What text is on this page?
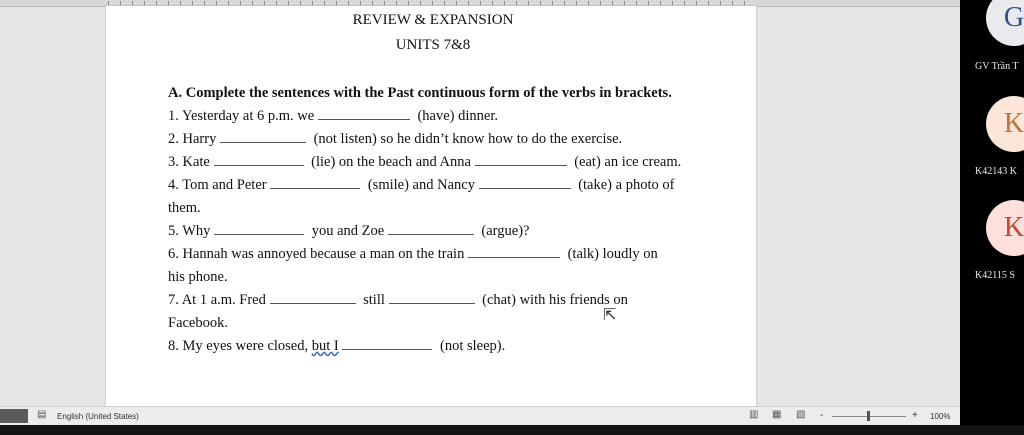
REVIEW & EXPANSION
UNITS 7&8
A. Complete the sentences with the Past continuous form of the verbs in brackets.
1. Yesterday at 6 p.m. we	(have) dinner.
2. Harry	(not listen) so he didn’t know how to do the exercise.
3. Kate	(lie) on the beach and Anna	(eat) an ice cream.
4. Tom and Peter	(smile) and Nancy	(take) a photo of
them.
5. Why	you and Zoe	(argue)?
6. Hannah was annoyed because a man on the train	(talk) loudly on
his phone.
7. At 1 a.m. Fred	still	(chat) with his friends on
Facebook.
8. My eyes were closed, but I	(not sleep).
⇱
▤ English (United States)	▥ ▦ ▧ -	+ 100%
G
GV Trần T
K
K42143 K
K
K42115 S
